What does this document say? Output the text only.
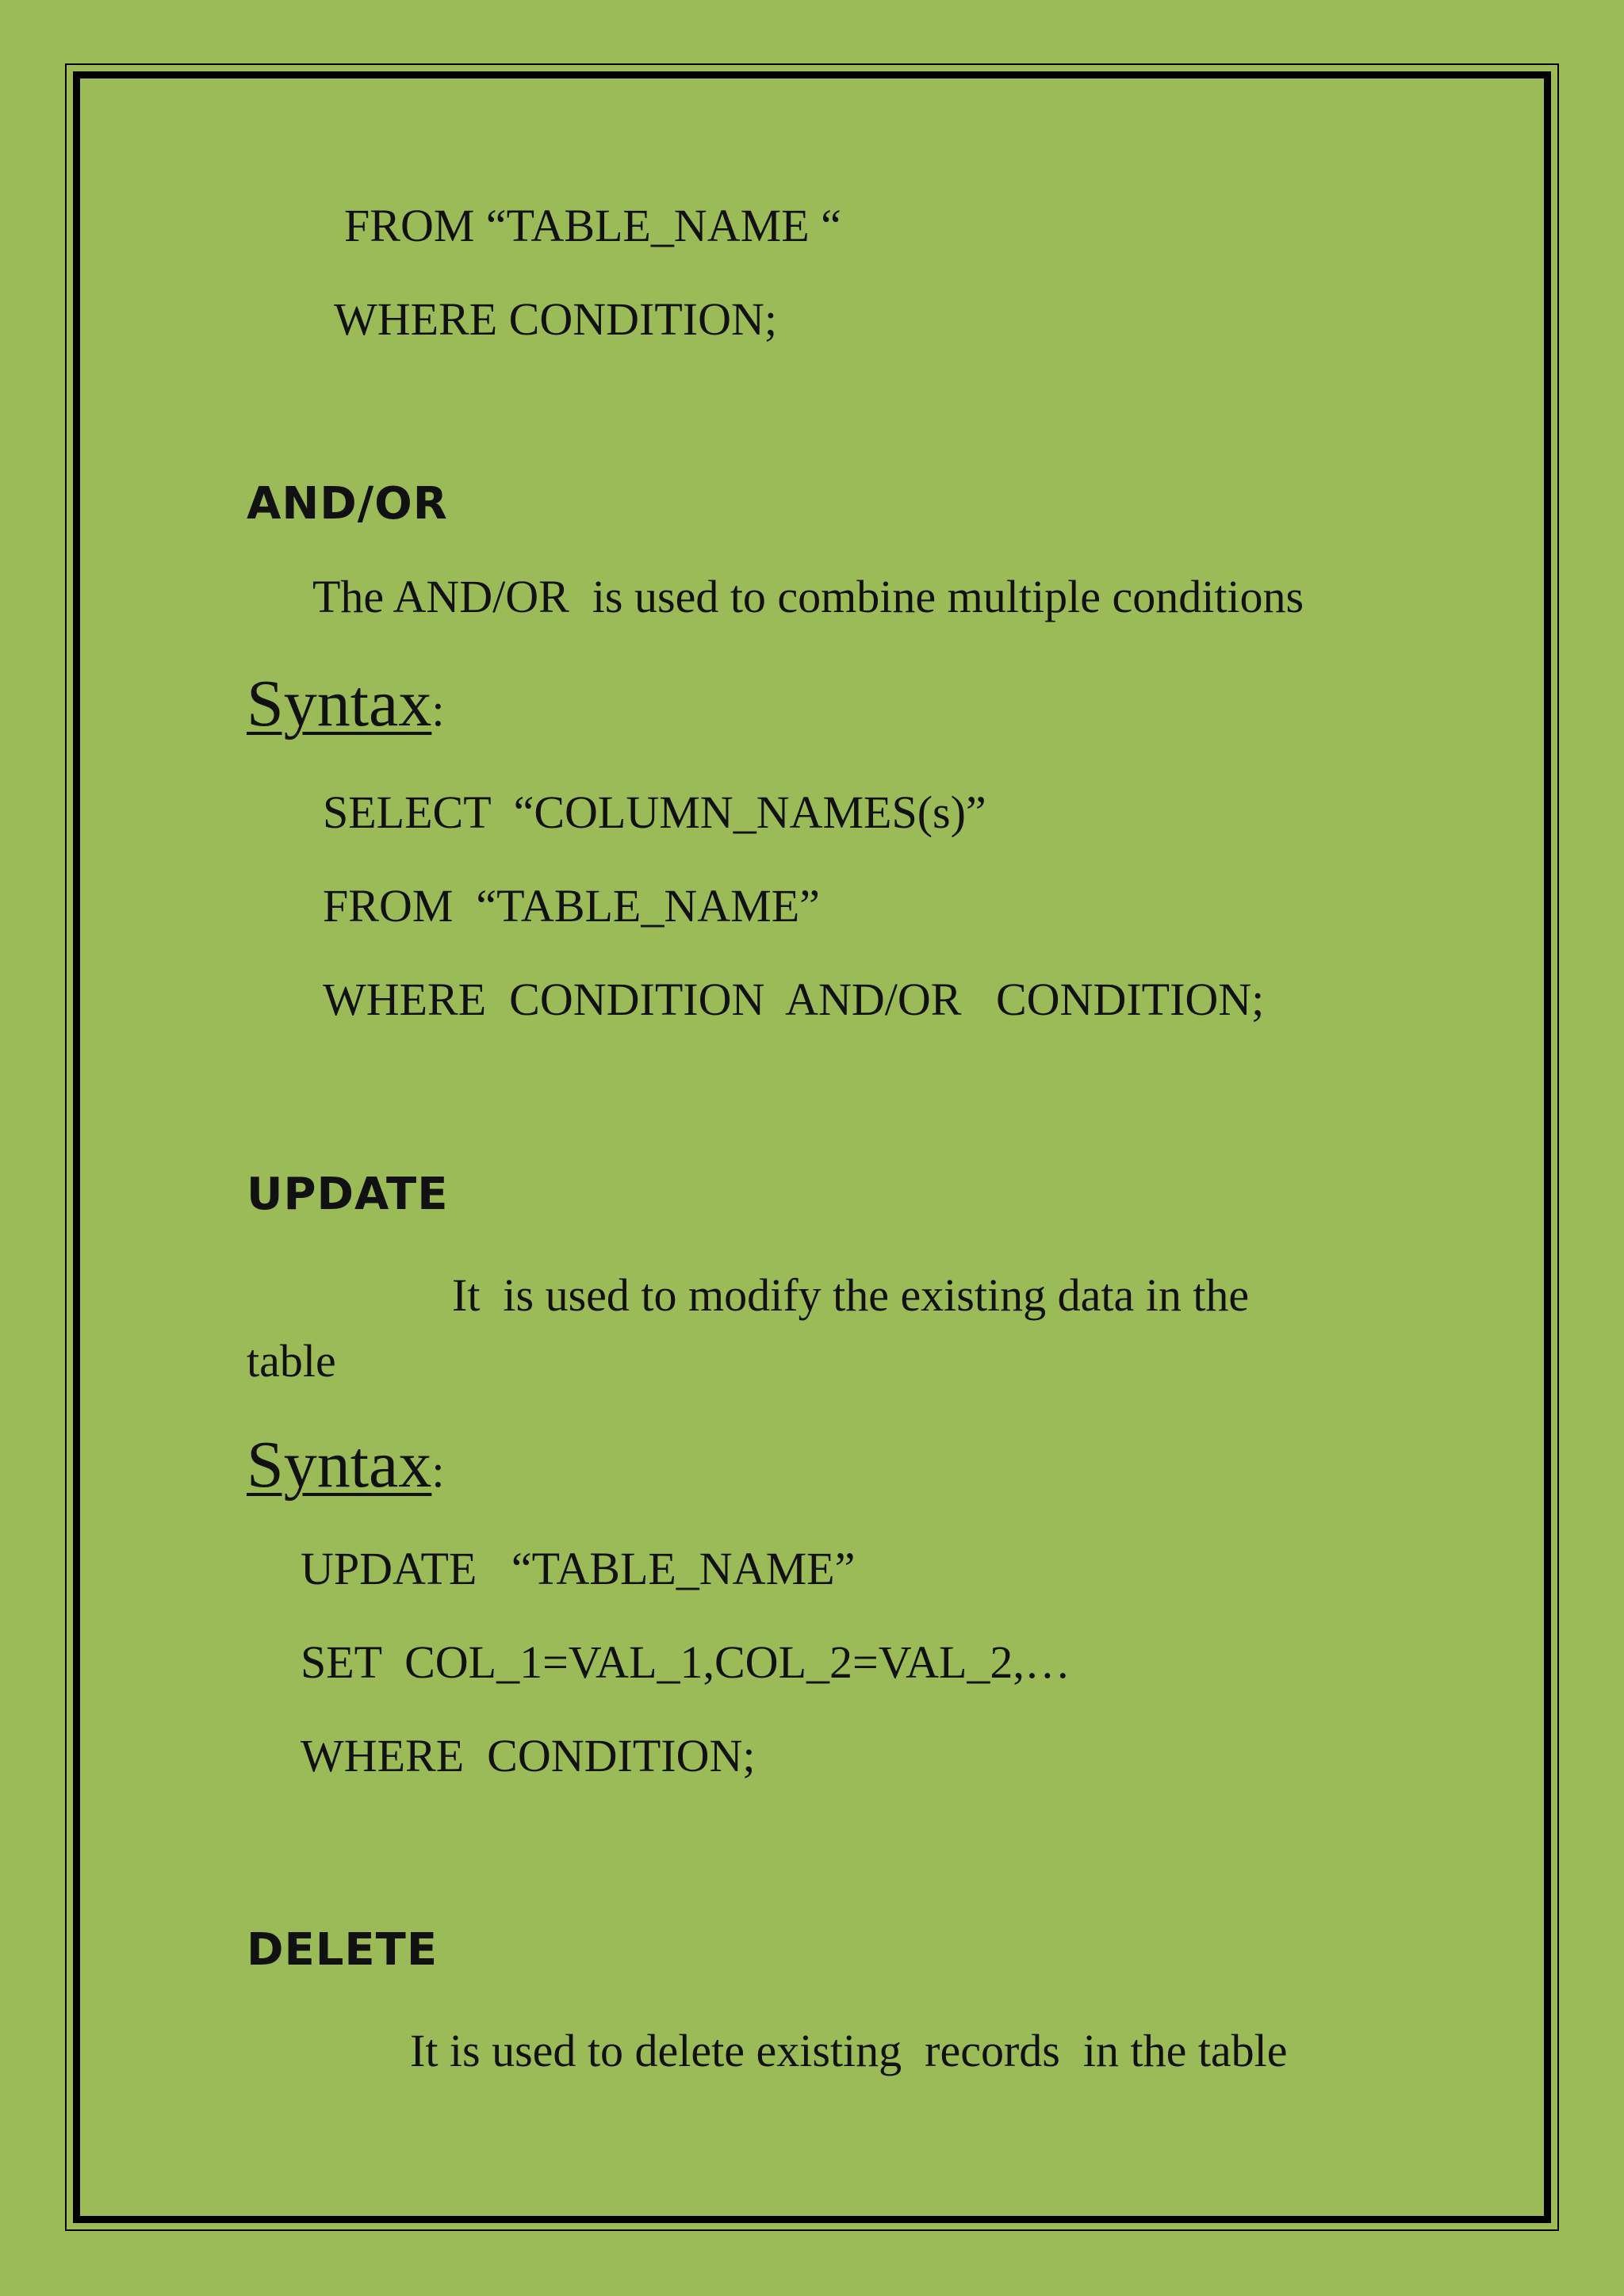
FROM “TABLE_NAME “
WHERE CONDITION;
AND/OR
The AND/OR  is used to combine multiple conditions
Syntax:
SELECT  “COLUMN_NAMES(s)”
FROM  “TABLE_NAME”
WHERE  CONDITION  AND/OR   CONDITION;
UPDATE
It  is used to modify the existing data in the
table
Syntax:
UPDATE   “TABLE_NAME”
SET  COL_1=VAL_1,COL_2=VAL_2,…
WHERE  CONDITION;
DELETE
It is used to delete existing  records  in the table
